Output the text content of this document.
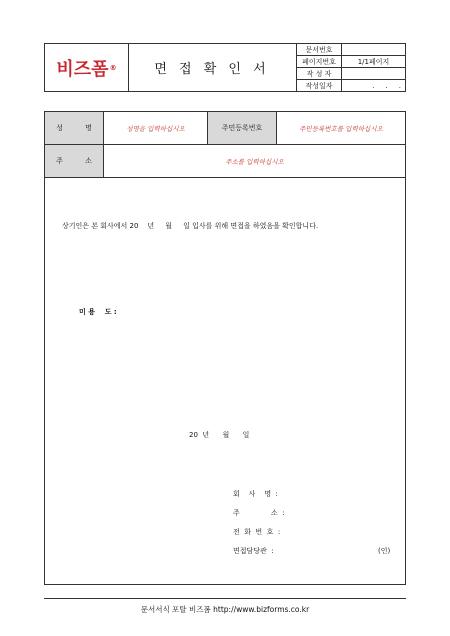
비즈폼 ®	면 접 확 인 서
문서번호
페이지번호	1/1페이지
작 성 자
작성일자	.     .     .
성          명	성명을 입력하십시오	주민등록번호	주민등록번호를 입력하십시오
주          소	주소를 입력하십시오
상기인은 본 회사에서 20    년     월     일 입사를 위해 면접을 하였음을 확인합니다.
미 용    도 :
20  년      월      일
회    사    명  :
주              소  :
전  화  번  호  :
면접담당관  :	(인)
문서서식 포탈 비즈폼 http://www.bizforms.co.kr
